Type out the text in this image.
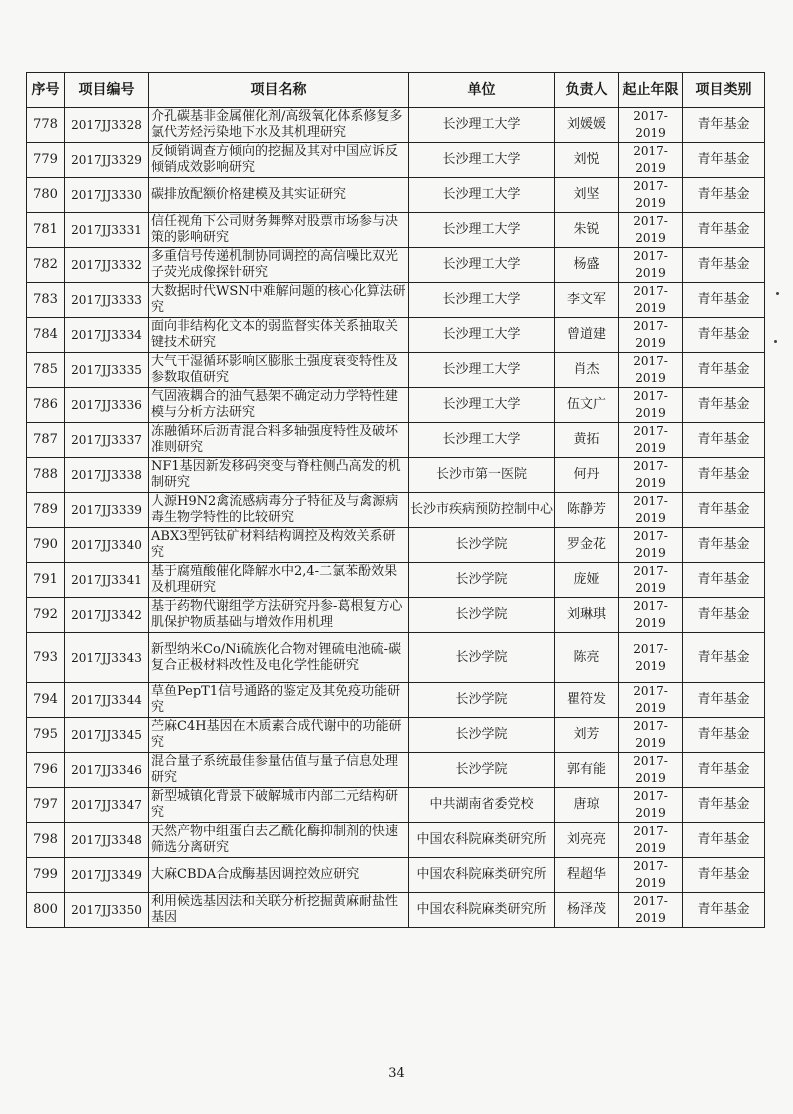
序号	项目编号	项目名称	单位	负责人	起止年限	项目类别
778	2017JJ3328	介孔碳基非金属催化剂/高级氧化体系修复多氯代芳烃污染地下水及其机理研究	长沙理工大学	刘媛媛	2017-
2019	青年基金
779	2017JJ3329	反倾销调查方倾向的挖掘及其对中国应诉反倾销成效影响研究	长沙理工大学	刘悦	2017-
2019	青年基金
780	2017JJ3330	碳排放配额价格建模及其实证研究	长沙理工大学	刘坚	2017-
2019	青年基金
781	2017JJ3331	信任视角下公司财务舞弊对股票市场参与决策的影响研究	长沙理工大学	朱锐	2017-
2019	青年基金
782	2017JJ3332	多重信号传递机制协同调控的高信噪比双光子荧光成像探针研究	长沙理工大学	杨盛	2017-
2019	青年基金
783	2017JJ3333	大数据时代WSN中难解问题的核心化算法研究	长沙理工大学	李文军	2017-
2019	青年基金
784	2017JJ3334	面向非结构化文本的弱监督实体关系抽取关键技术研究	长沙理工大学	曾道建	2017-
2019	青年基金
785	2017JJ3335	大气干湿循环影响区膨胀土强度衰变特性及参数取值研究	长沙理工大学	肖杰	2017-
2019	青年基金
786	2017JJ3336	气固液耦合的油气悬架不确定动力学特性建模与分析方法研究	长沙理工大学	伍文广	2017-
2019	青年基金
787	2017JJ3337	冻融循环后沥青混合料多轴强度特性及破坏准则研究	长沙理工大学	黄拓	2017-
2019	青年基金
788	2017JJ3338	NF1基因新发移码突变与脊柱侧凸高发的机制研究	长沙市第一医院	何丹	2017-
2019	青年基金
789	2017JJ3339	人源H9N2禽流感病毒分子特征及与禽源病毒生物学特性的比较研究	长沙市疾病预防控制中心	陈静芳	2017-
2019	青年基金
790	2017JJ3340	ABX3型钙钛矿材料结构调控及构效关系研究	长沙学院	罗金花	2017-
2019	青年基金
791	2017JJ3341	基于腐殖酸催化降解水中2,4-二氯苯酚效果及机理研究	长沙学院	庞娅	2017-
2019	青年基金
792	2017JJ3342	基于药物代谢组学方法研究丹参-葛根复方心肌保护物质基础与增效作用机理	长沙学院	刘琳琪	2017-
2019	青年基金
793	2017JJ3343	新型纳米Co/Ni硫族化合物对锂硫电池硫-碳复合正极材料改性及电化学性能研究	长沙学院	陈亮	2017-
2019	青年基金
794	2017JJ3344	草鱼PepT1信号通路的鉴定及其免疫功能研究	长沙学院	瞿符发	2017-
2019	青年基金
795	2017JJ3345	苎麻C4H基因在木质素合成代谢中的功能研究	长沙学院	刘芳	2017-
2019	青年基金
796	2017JJ3346	混合量子系统最佳参量估值与量子信息处理研究	长沙学院	郭有能	2017-
2019	青年基金
797	2017JJ3347	新型城镇化背景下破解城市内部二元结构研究	中共湖南省委党校	唐琼	2017-
2019	青年基金
798	2017JJ3348	天然产物中组蛋白去乙酰化酶抑制剂的快速筛选分离研究	中国农科院麻类研究所	刘亮亮	2017-
2019	青年基金
799	2017JJ3349	大麻CBDA合成酶基因调控效应研究	中国农科院麻类研究所	程超华	2017-
2019	青年基金
800	2017JJ3350	利用候选基因法和关联分析挖掘黄麻耐盐性基因	中国农科院麻类研究所	杨泽茂	2017-
2019	青年基金
34
